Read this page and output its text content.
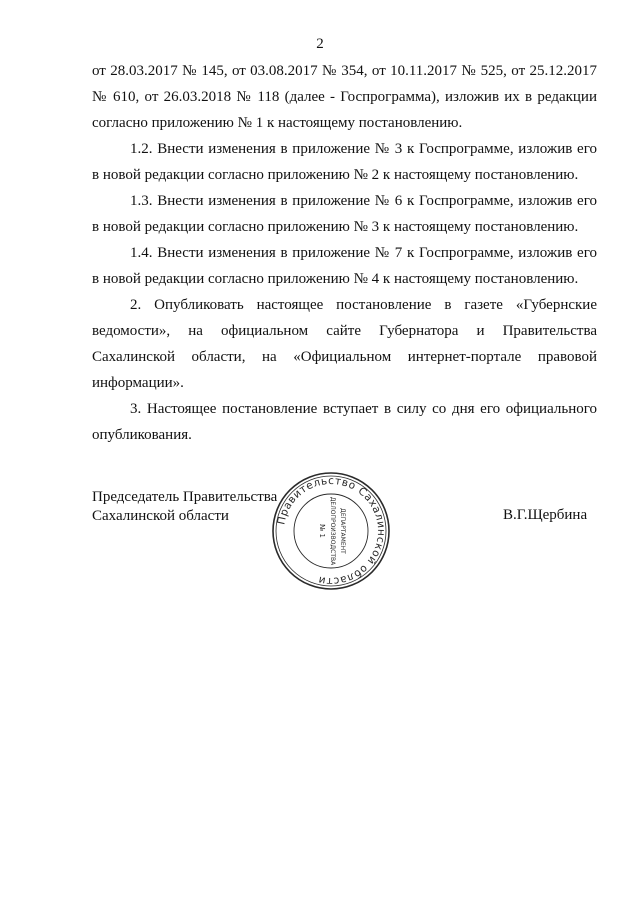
2

от 28.03.2017 № 145, от 03.08.2017 № 354, от 10.11.2017 № 525, от 25.12.2017 № 610, от 26.03.2018 № 118 (далее - Госпрограмма), изложив их в редакции согласно приложению № 1 к настоящему постановлению.

1.2. Внести изменения в приложение № 3 к Госпрограмме, изложив его в новой редакции согласно приложению № 2 к настоящему постановлению.

1.3. Внести изменения в приложение № 6 к Госпрограмме, изложив его в новой редакции согласно приложению № 3 к настоящему постановлению.

1.4. Внести изменения в приложение № 7 к Госпрограмме, изложив его в новой редакции согласно приложению № 4 к настоящему постановлению.

2. Опубликовать настоящее постановление в газете «Губернские ведомости», на официальном сайте Губернатора и Правительства Сахалинской области, на «Официальном интернет-портале правовой информации».

3. Настоящее постановление вступает в силу со дня его официального опубликования.

Председатель Правительства
Сахалинской области	В.Г.Щербина
Правительство Сахалинской области
ДЕПАРТАМЕНТ
ДЕЛОПРОИЗВОДСТВА
№ 1
